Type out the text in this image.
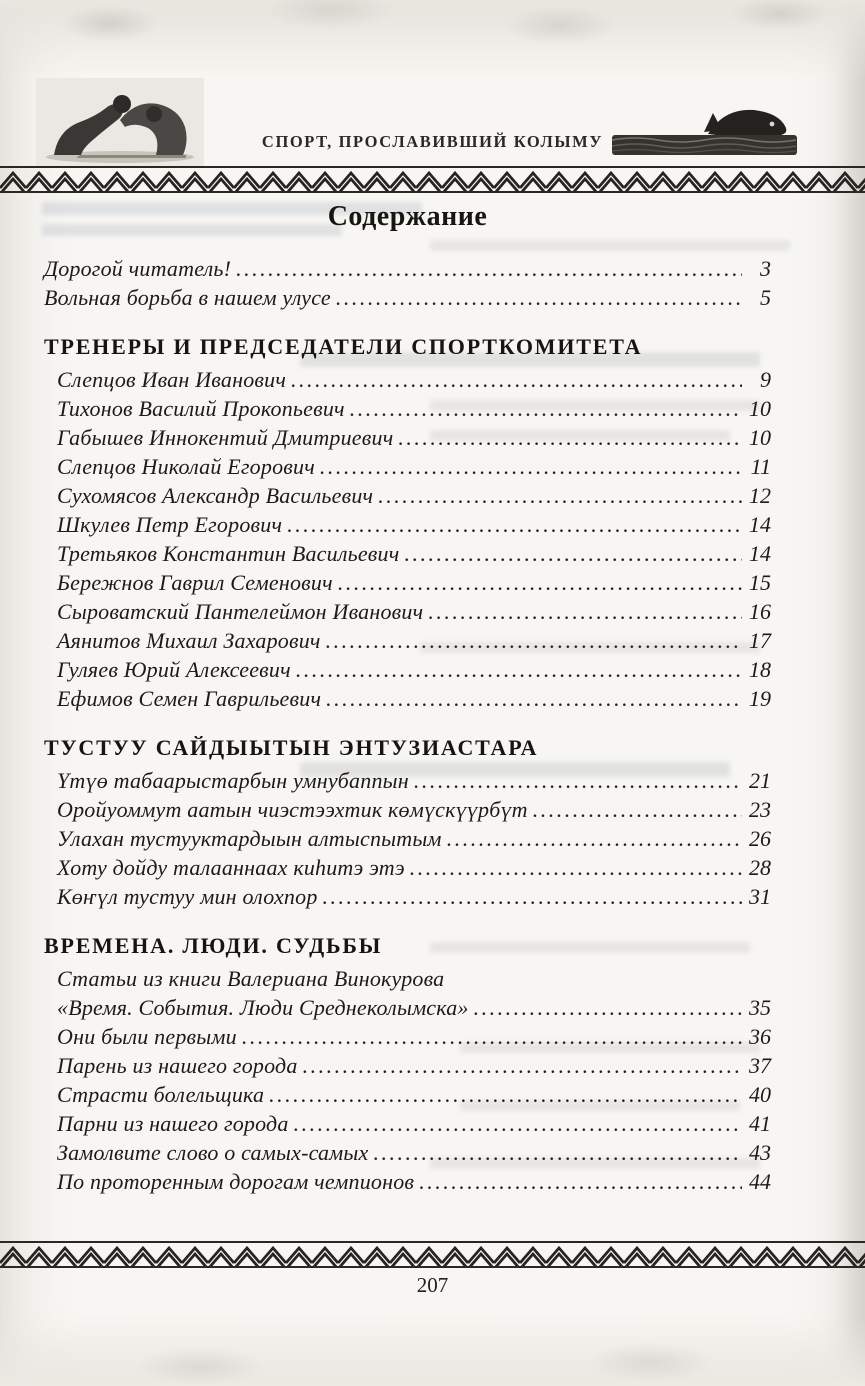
СПОРТ, ПРОСЛАВИВШИЙ КОЛЫМУ
Содержание
Дорогой читатель! .....	3
Вольная борьба в нашем улусе .....	5
ТРЕНЕРЫ И ПРЕДСЕДАТЕЛИ СПОРТКОМИТЕТА
Слепцов Иван Иванович .....	9
Тихонов Василий Прокопьевич .....	10
Габышев Иннокентий Дмитриевич .....	10
Слепцов Николай Егорович .....	11
Сухомясов Александр Васильевич .....	12
Шкулев Петр Егорович .....	14
Третьяков Константин Васильевич .....	14
Бережнов Гаврил Семенович .....	15
Сыроватский Пантелеймон Иванович .....	16
Аянитов Михаил Захарович .....	17
Гуляев Юрий Алексеевич .....	18
Ефимов Семен Гаврильевич .....	19
ТУСТУУ САЙДЫЫТЫН ЭНТУЗИАСТАРА
Үтүө табаарыстарбын умнубаппын .....	21
Оройуоммут аатын чиэстээхтик көмүскүүрбүт .....	23
Улахан тустууктардыын алтыспытым .....	26
Хоту дойду талааннаах киһитэ этэ .....	28
Көҥүл тустуу мин олохпор .....	31
ВРЕМЕНА. ЛЮДИ. СУДЬБЫ
Статьи из книги Валериана Винокурова
«Время. События. Люди Среднеколымска» .....	35
Они были первыми .....	36
Парень из нашего города .....	37
Страсти болельщика .....	40
Парни из нашего города .....	41
Замолвите слово о самых-самых .....	43
По проторенным дорогам чемпионов .....	44
207
